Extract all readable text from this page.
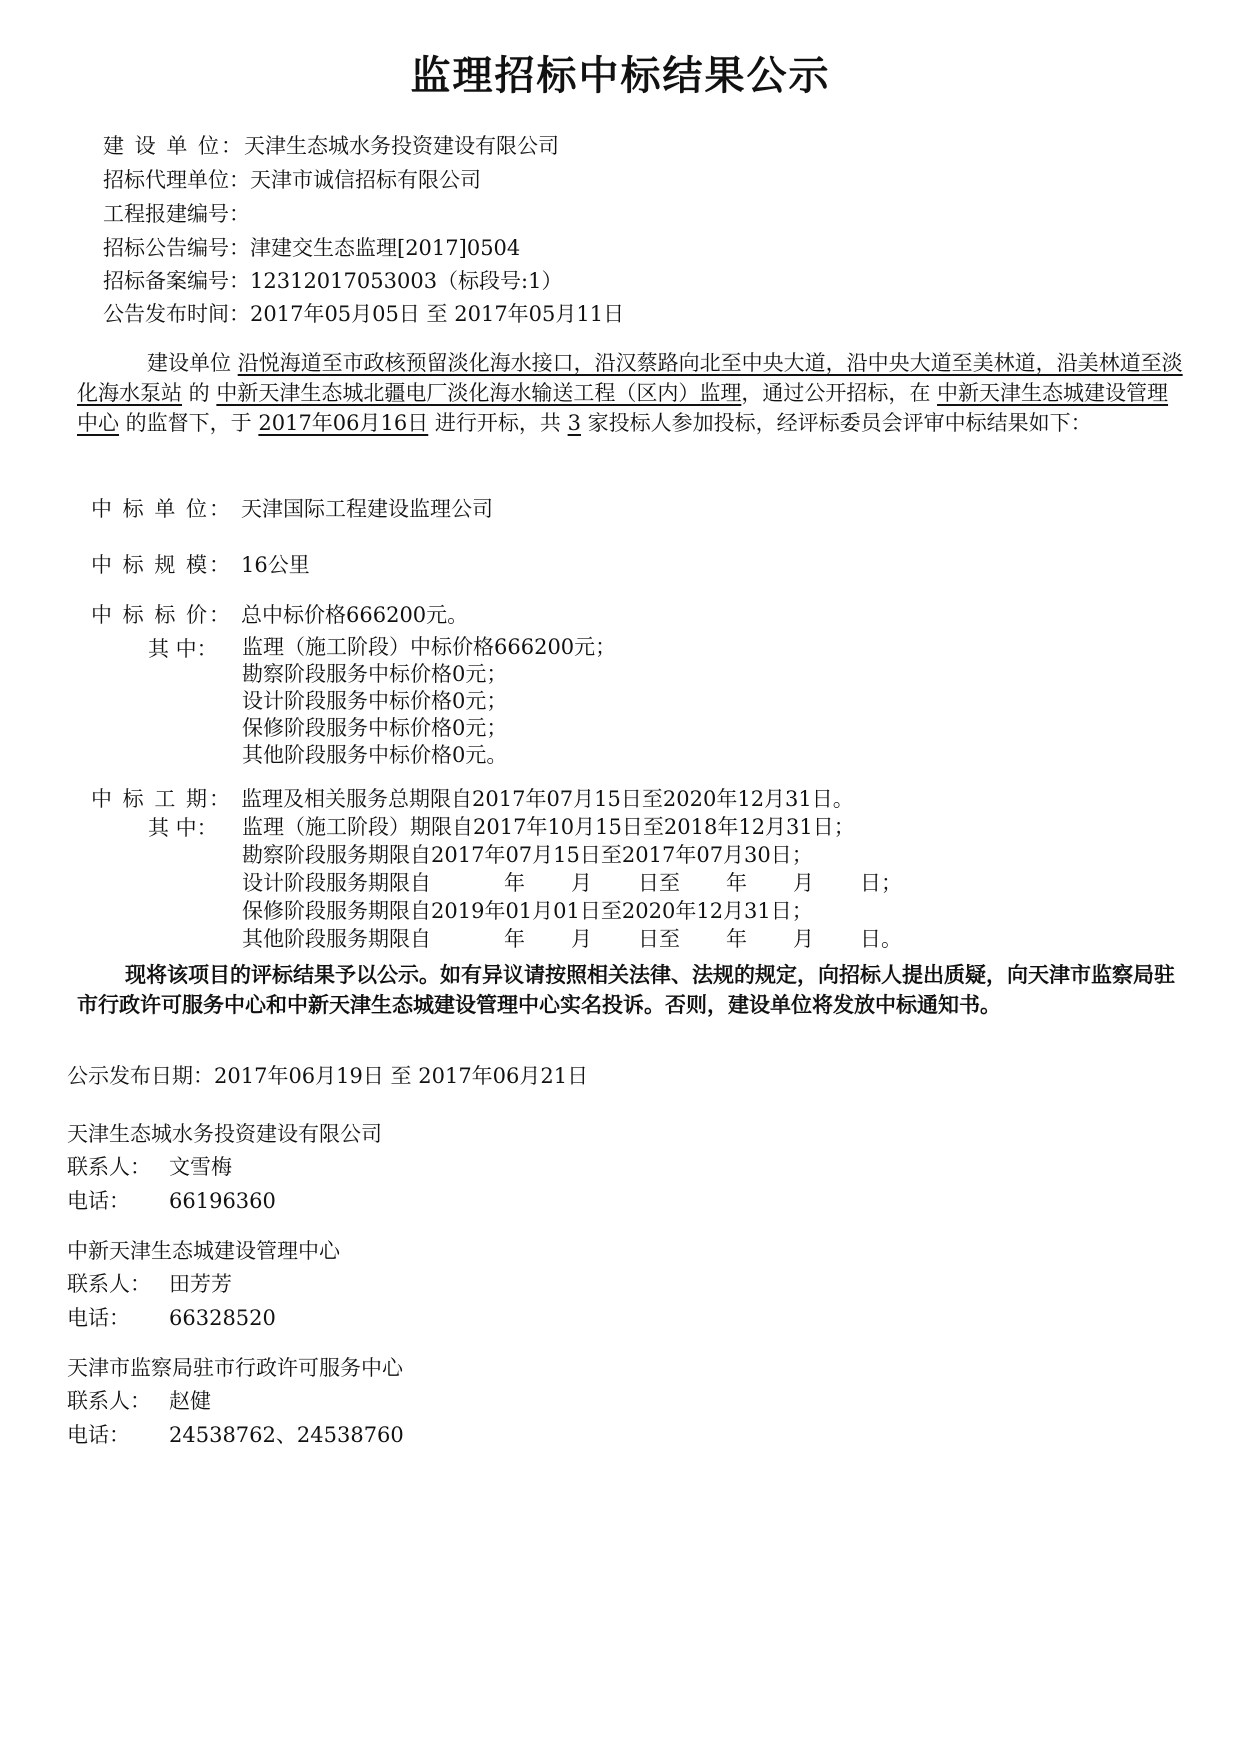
监理招标中标结果公示
建 设 单 位：天津生态城水务投资建设有限公司
招标代理单位：天津市诚信招标有限公司
工程报建编号：
招标公告编号：津建交生态监理[2017]0504
招标备案编号：12312017053003（标段号:1）
公告发布时间：2017年05月05日 至 2017年05月11日
建设单位 沿悦海道至市政核预留淡化海水接口，沿汉蔡路向北至中央大道，沿中央大道至美林道，沿美林道至淡化海水泵站 的 中新天津生态城北疆电厂淡化海水输送工程（区内）监理，通过公开招标，在 中新天津生态城建设管理中心 的监督下，于 2017年06月16日 进行开标，共 3 家投标人参加投标，经评标委员会评审中标结果如下：
中 标 单 位： 天津国际工程建设监理公司
中 标 规 模： 16公里
中 标 标 价： 总中标价格666200元。
其 中： 监理（施工阶段）中标价格666200元；
勘察阶段服务中标价格0元；
设计阶段服务中标价格0元；
保修阶段服务中标价格0元；
其他阶段服务中标价格0元。
中 标 工 期： 监理及相关服务总期限自2017年07月15日至2020年12月31日。
其 中： 监理（施工阶段）期限自2017年10月15日至2018年12月31日；
勘察阶段服务期限自2017年07月15日至2017年07月30日；
设计阶段服务期限自	年 月 日至 年 月 日；
保修阶段服务期限自2019年01月01日至2020年12月31日；
其他阶段服务期限自	年 月 日至 年 月 日。
现将该项目的评标结果予以公示。如有异议请按照相关法律、法规的规定，向招标人提出质疑，向天津市监察局驻市行政许可服务中心和中新天津生态城建设管理中心实名投诉。否则，建设单位将发放中标通知书。
公示发布日期：2017年06月19日 至 2017年06月21日
天津生态城水务投资建设有限公司
联系人： 文雪梅
电话： 66196360
中新天津生态城建设管理中心
联系人： 田芳芳
电话： 66328520
天津市监察局驻市行政许可服务中心
联系人： 赵健
电话： 24538762、24538760
